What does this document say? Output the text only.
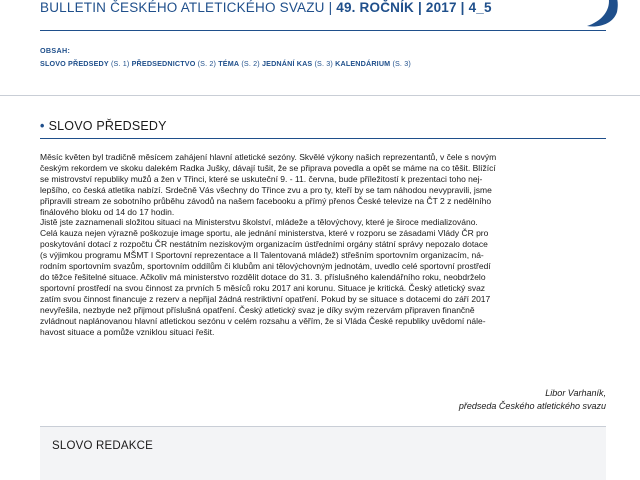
BULLETIN ČESKÉHO ATLETICKÉHO SVAZU | 49. ROČNÍK | 2017 | 4_5
OBSAH:
SLOVO PŘEDSEDY (S. 1) PŘEDSEDNICTVO (S. 2) TÉMA (S. 2) JEDNÁNÍ KAS (S. 3) KALENDÁRIUM (S. 3)
• SLOVO PŘEDSEDY
Měsíc květen byl tradičně měsícem zahájení hlavní atletické sezóny. Skvělé výkony našich reprezentantů, v čele s novým
českým rekordem ve skoku dalekém Radka Jušky, dávají tušit, že se připrava povedla a opět se máme na co těšit. Blížící
se mistrovství republiky mužů a žen v Třinci, které se uskuteční 9. - 11. června, bude příležitostí k prezentaci toho nej-
lepšího, co česká atletika nabízí. Srdečně Vás všechny do Třince zvu a pro ty, kteří by se tam náhodou nevypravili, jsme
připravili stream ze sobotního průběhu závodů na našem facebooku a přímý přenos České televize na ČT 2 z nedělního
finálového bloku od 14 do 17 hodin.
Jistě jste zaznamenali složitou situaci na Ministerstvu školství, mládeže a tělovýchovy, které je široce medializováno.
Celá kauza nejen výrazně poškozuje image sportu, ale jednání ministerstva, které v rozporu se zásadami Vlády ČR pro
poskytování dotací z rozpočtu ČR nestátním neziskovým organizacím ústředními orgány státní správy nepozalo dotace
(s výjimkou programu MŠMT I Sportovní reprezentace a II Talentovaná mládež) střešním sportovním organizacím, ná-
rodním sportovním svazům, sportovním oddílům či klubům ani tělovýchovným jednotám, uvedlo celé sportovní prostředí
do těžce řešitelné situace. Ačkoliv má ministerstvo rozdělit dotace do 31. 3. příslušného kalendářního roku, neobdrželo
sportovní prostředí na svou činnost za prvních 5 měsíců roku 2017 ani korunu. Situace je kritická. Český atletický svaz
zatím svou činnost financuje z rezerv a nepřijal žádná restriktivní opatření. Pokud by se situace s dotacemi do září 2017
nevyřešila, nezbyde než přijmout příslušná opatření. Český atletický svaz je díky svým rezervám připraven finančně
zvládnout naplánovanou hlavní atletickou sezónu v celém rozsahu a věřím, že si Vláda České republiky uvědomí nále-
havost situace a pomůže vzniklou situaci řešit.
Libor Varhaník,
předseda Českého atletického svazu
SLOVO REDAKCE
